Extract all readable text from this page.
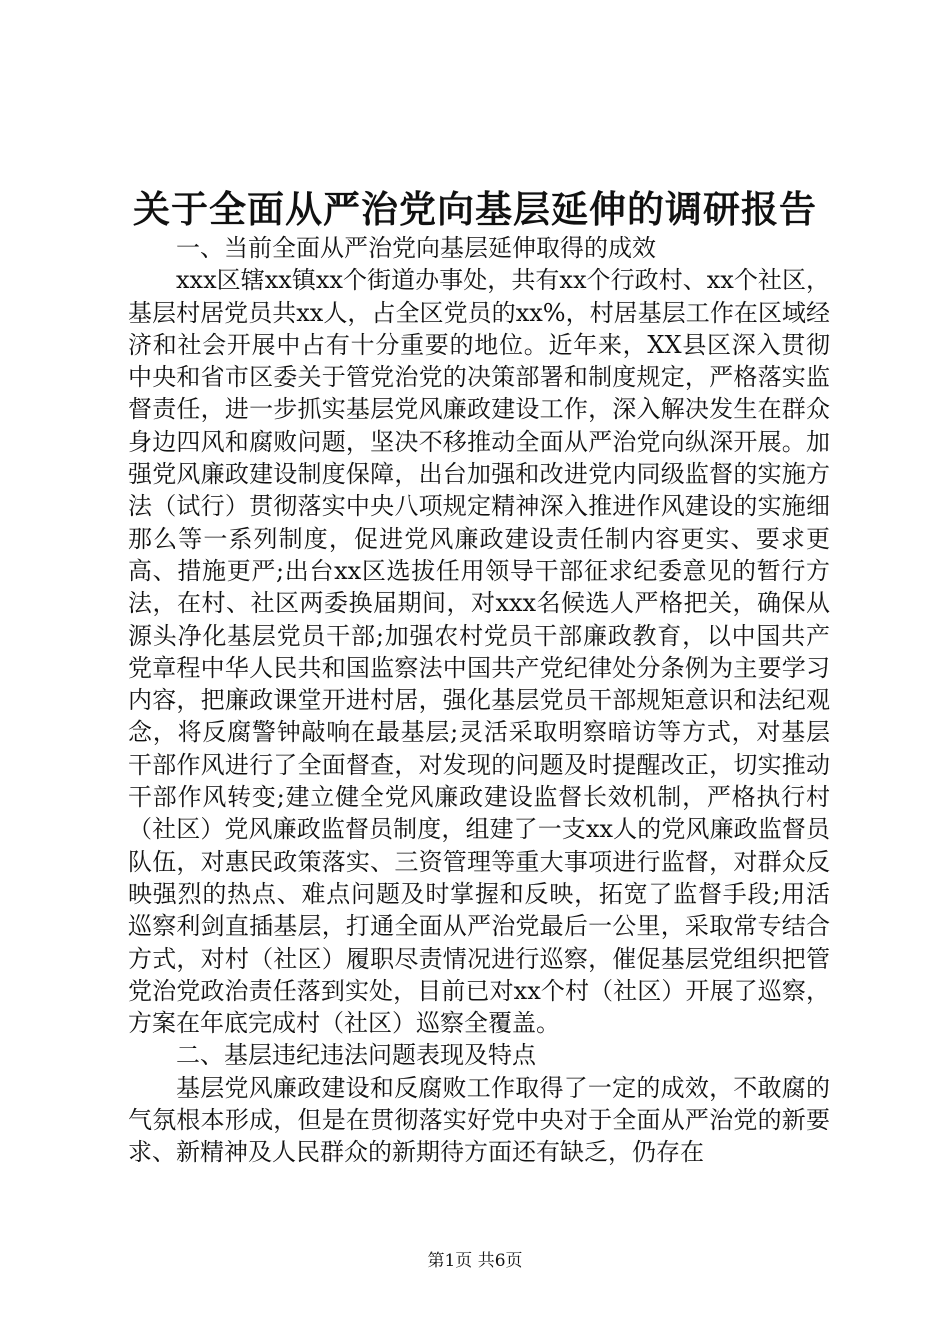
关于全面从严治党向基层延伸的调研报告

一、当前全面从严治党向基层延伸取得的成效

xxx区辖xx镇xx个街道办事处，共有xx个行政村、xx个社区，基层村居党员共xx人，占全区党员的xx%，村居基层工作在区域经济和社会开展中占有十分重要的地位。近年来，XX县区深入贯彻中央和省市区委关于管党治党的决策部署和制度规定，严格落实监督责任，进一步抓实基层党风廉政建设工作，深入解决发生在群众身边四风和腐败问题，坚决不移推动全面从严治党向纵深开展。加强党风廉政建设制度保障，出台加强和改进党内同级监督的实施方法（试行）贯彻落实中央八项规定精神深入推进作风建设的实施细那么等一系列制度，促进党风廉政建设责任制内容更实、要求更高、措施更严;出台xx区选拔任用领导干部征求纪委意见的暂行方法，在村、社区两委换届期间，对xxx名候选人严格把关，确保从源头净化基层党员干部;加强农村党员干部廉政教育，以中国共产党章程中华人民共和国监察法中国共产党纪律处分条例为主要学习内容，把廉政课堂开进村居，强化基层党员干部规矩意识和法纪观念，将反腐警钟敲响在最基层;灵活采取明察暗访等方式，对基层干部作风进行了全面督查，对发现的问题及时提醒改正，切实推动干部作风转变;建立健全党风廉政建设监督长效机制，严格执行村（社区）党风廉政监督员制度，组建了一支xx人的党风廉政监督员队伍，对惠民政策落实、三资管理等重大事项进行监督，对群众反映强烈的热点、难点问题及时掌握和反映，拓宽了监督手段;用活巡察利剑直插基层，打通全面从严治党最后一公里，采取常专结合方式，对村（社区）履职尽责情况进行巡察，催促基层党组织把管党治党政治责任落到实处，目前已对xx个村（社区）开展了巡察，方案在年底完成村（社区）巡察全覆盖。

二、基层违纪违法问题表现及特点

基层党风廉政建设和反腐败工作取得了一定的成效，不敢腐的气氛根本形成，但是在贯彻落实好党中央对于全面从严治党的新要求、新精神及人民群众的新期待方面还有缺乏，仍存在

第1页 共6页
